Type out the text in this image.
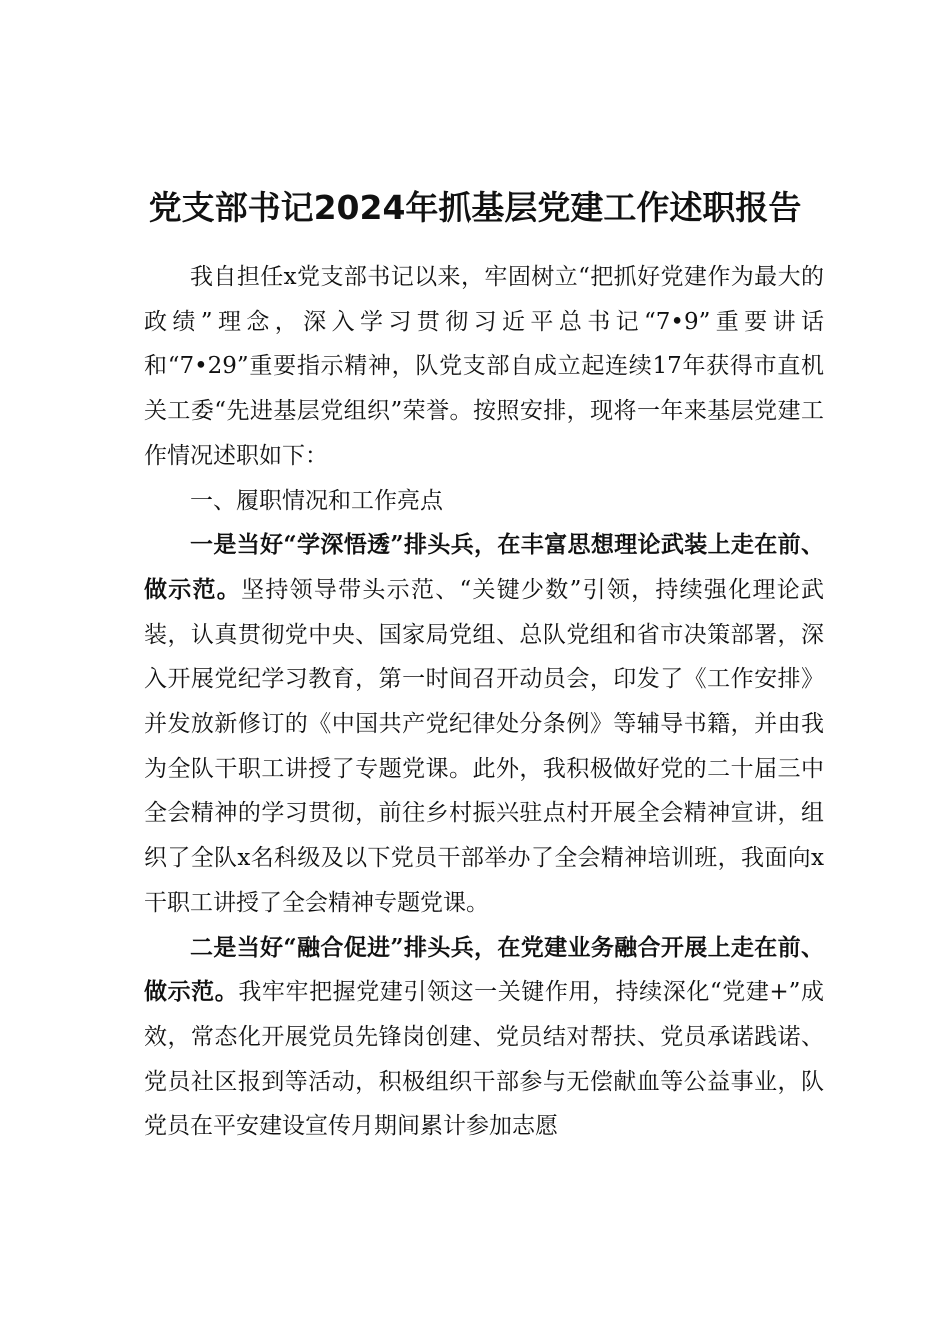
党支部书记2024年抓基层党建工作述职报告

我自担任x党支部书记以来，牢固树立“把抓好党建作为最大的政绩”理念，深入学习贯彻习近平总书记“7•9”重要讲话和“7•29”重要指示精神，队党支部自成立起连续17年获得市直机关工委“先进基层党组织”荣誉。按照安排，现将一年来基层党建工作情况述职如下：

一、履职情况和工作亮点

一是当好“学深悟透”排头兵，在丰富思想理论武装上走在前、做示范。坚持领导带头示范、“关键少数”引领，持续强化理论武装，认真贯彻党中央、国家局党组、总队党组和省市决策部署，深入开展党纪学习教育，第一时间召开动员会，印发了《工作安排》并发放新修订的《中国共产党纪律处分条例》等辅导书籍，并由我为全队干职工讲授了专题党课。此外，我积极做好党的二十届三中全会精神的学习贯彻，前往乡村振兴驻点村开展全会精神宣讲，组织了全队x名科级及以下党员干部举办了全会精神培训班，我面向x干职工讲授了全会精神专题党课。

二是当好“融合促进”排头兵，在党建业务融合开展上走在前、做示范。我牢牢把握党建引领这一关键作用，持续深化“党建+”成效，常态化开展党员先锋岗创建、党员结对帮扶、党员承诺践诺、党员社区报到等活动，积极组织干部参与无偿献血等公益事业，队党员在平安建设宣传月期间累计参加志愿
